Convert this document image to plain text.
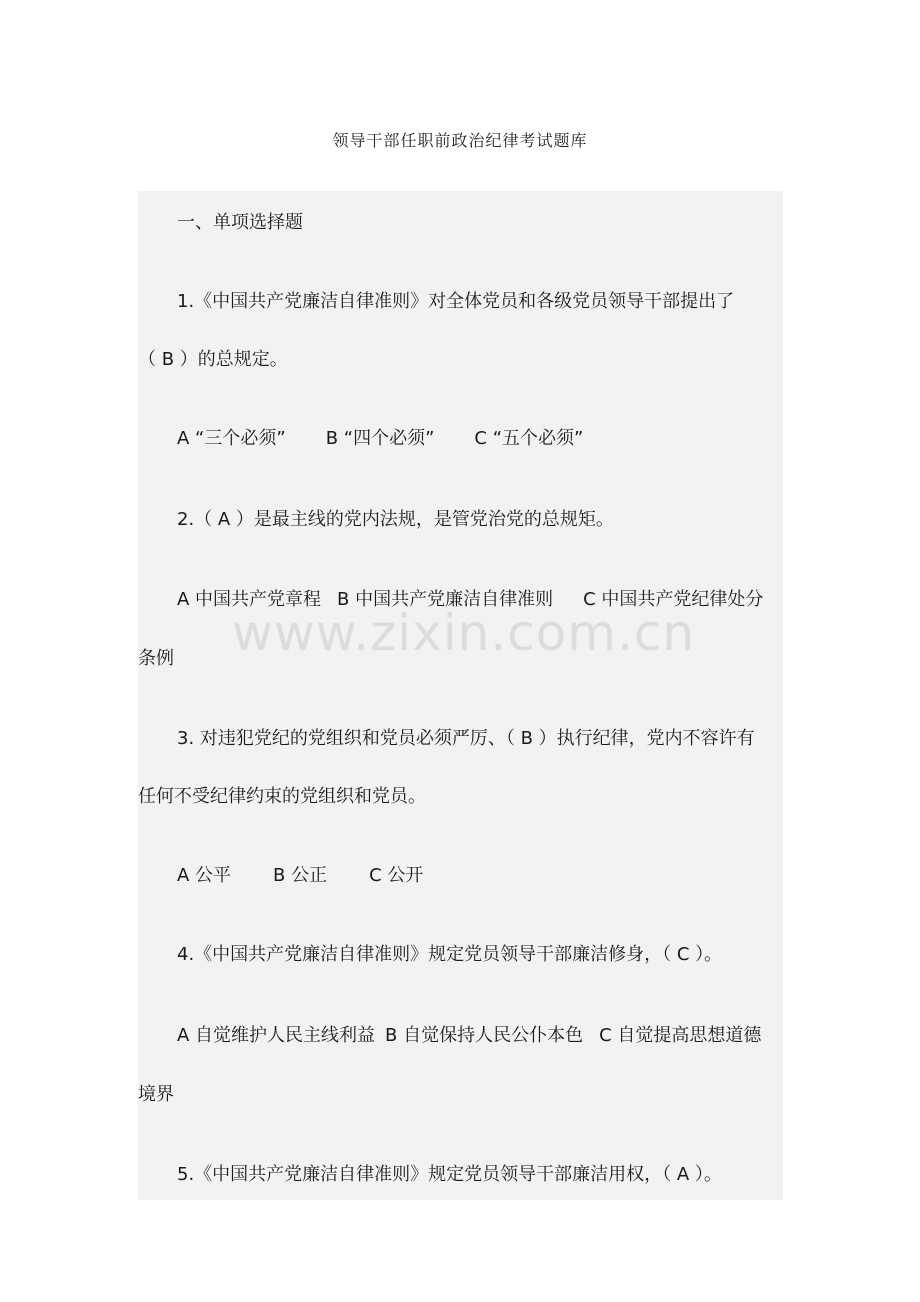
领导干部任职前政治纪律考试题库
一、单项选择题
1.《中国共产党廉洁自律准则》对全体党员和各级党员领导干部提出了
（ B ）的总规定。
A “三个必须” B “四个必须” C “五个必须”
2.（ A ）是最主线的党内法规，是管党治党的总规矩。
A 中国共产党章程 B 中国共产党廉洁自律准则 C 中国共产党纪律处分
条例
3. 对违犯党纪的党组织和党员必须严厉、（ B ）执行纪律，党内不容许有
任何不受纪律约束的党组织和党员。
A 公平 B 公正 C 公开
4.《中国共产党廉洁自律准则》规定党员领导干部廉洁修身，（ C ）。
A 自觉维护人民主线利益 B 自觉保持人民公仆本色 C 自觉提高思想道德
境界
5.《中国共产党廉洁自律准则》规定党员领导干部廉洁用权，（ A ）。
www.zixin.com.cn
